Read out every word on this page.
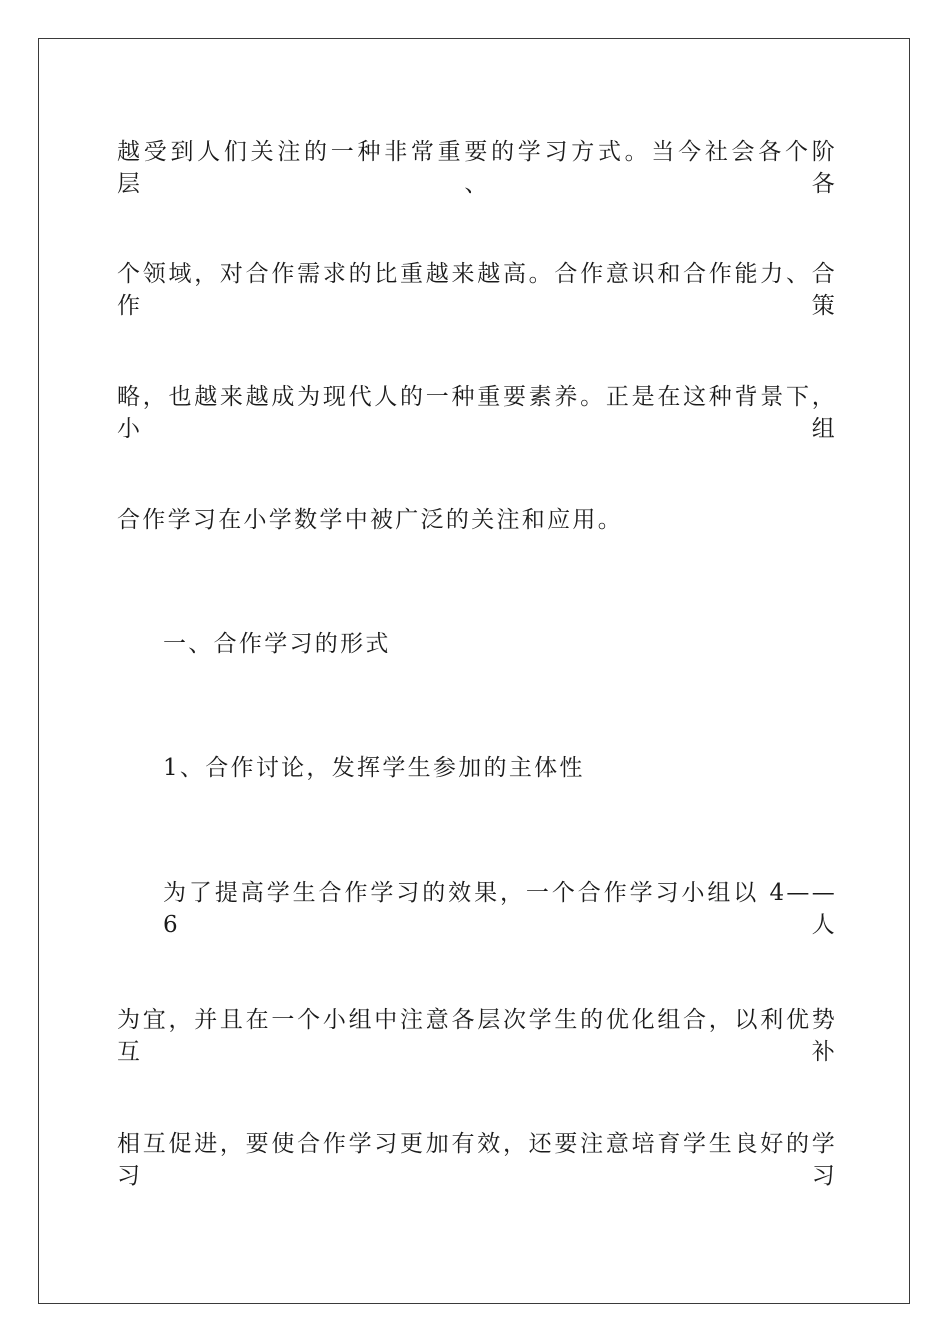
越受到人们关注的一种非常重要的学习方式。当今社会各个阶层、各
个领域，对合作需求的比重越来越高。合作意识和合作能力、合作策
略，也越来越成为现代人的一种重要素养。正是在这种背景下，小组
合作学习在小学数学中被广泛的关注和应用。
一、合作学习的形式
1、合作讨论，发挥学生参加的主体性
为了提高学生合作学习的效果，一个合作学习小组以 4——6 人
为宜，并且在一个小组中注意各层次学生的优化组合，以利优势互补
相互促进，要使合作学习更加有效，还要注意培育学生良好的学习习
